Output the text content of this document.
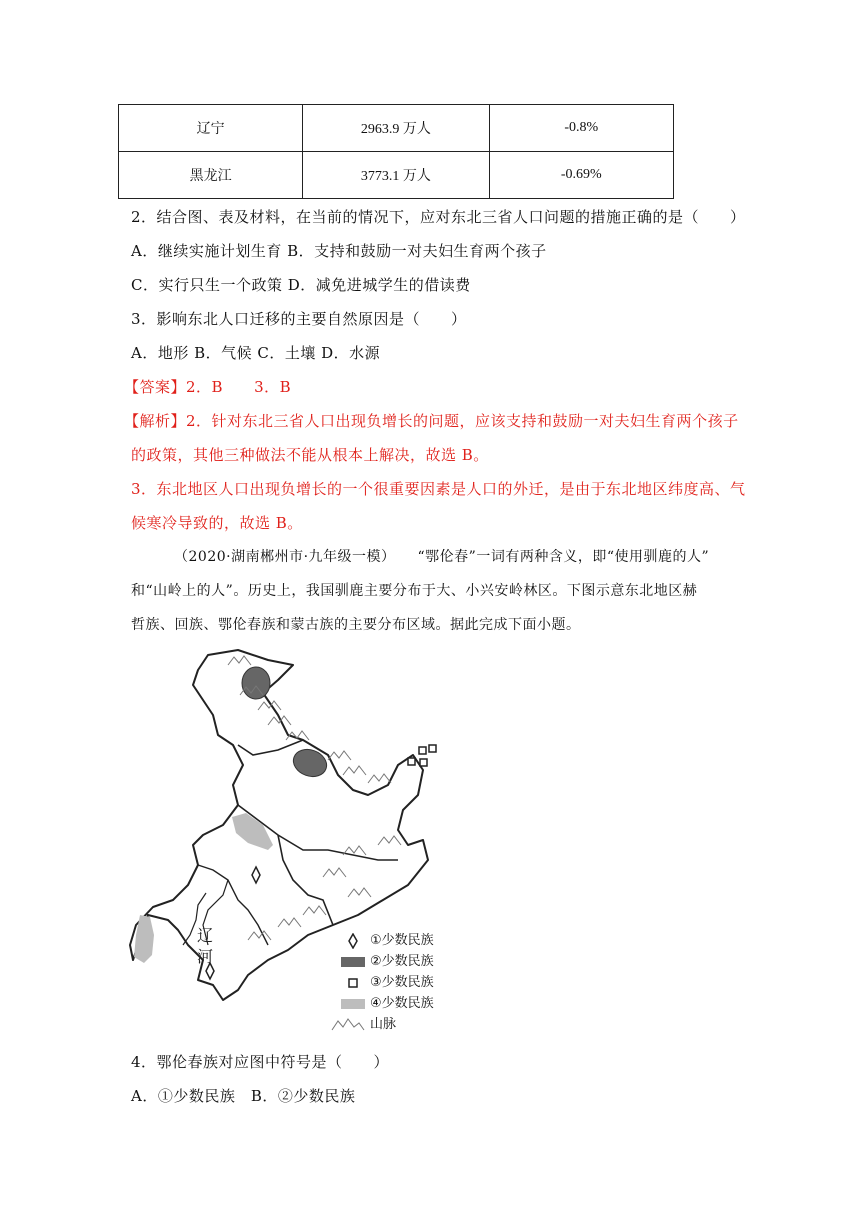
辽宁	2963.9 万人	-0.8%
黑龙江	3773.1 万人	-0.69%
2．结合图、表及材料，在当前的情况下，应对东北三省人口问题的措施正确的是（　　）
A．继续实施计划生育 B．支持和鼓励一对夫妇生育两个孩子
C．实行只生一个政策 D．减免进城学生的借读费
3．影响东北人口迁移的主要自然原因是（　　）
A．地形 B．气候 C．土壤 D．水源
【答案】2．B　　3．B
【解析】2．针对东北三省人口出现负增长的问题，应该支持和鼓励一对夫妇生育两个孩子
的政策，其他三种做法不能从根本上解决，故选 B。
3．东北地区人口出现负增长的一个很重要因素是人口的外迁，是由于东北地区纬度高、气
候寒冷导致的，故选 B。
（2020·湖南郴州市·九年级一模）　　“鄂伦春”一词有两种含义，即“使用驯鹿的人”
和“山岭上的人”。历史上，我国驯鹿主要分布于大、小兴安岭林区。下图示意东北地区赫
哲族、回族、鄂伦春族和蒙古族的主要分布区域。据此完成下面小题。
辽河
①少数民族
②少数民族
③少数民族
④少数民族
山脉
4．鄂伦春族对应图中符号是（　　）
A．①少数民族　B．②少数民族
